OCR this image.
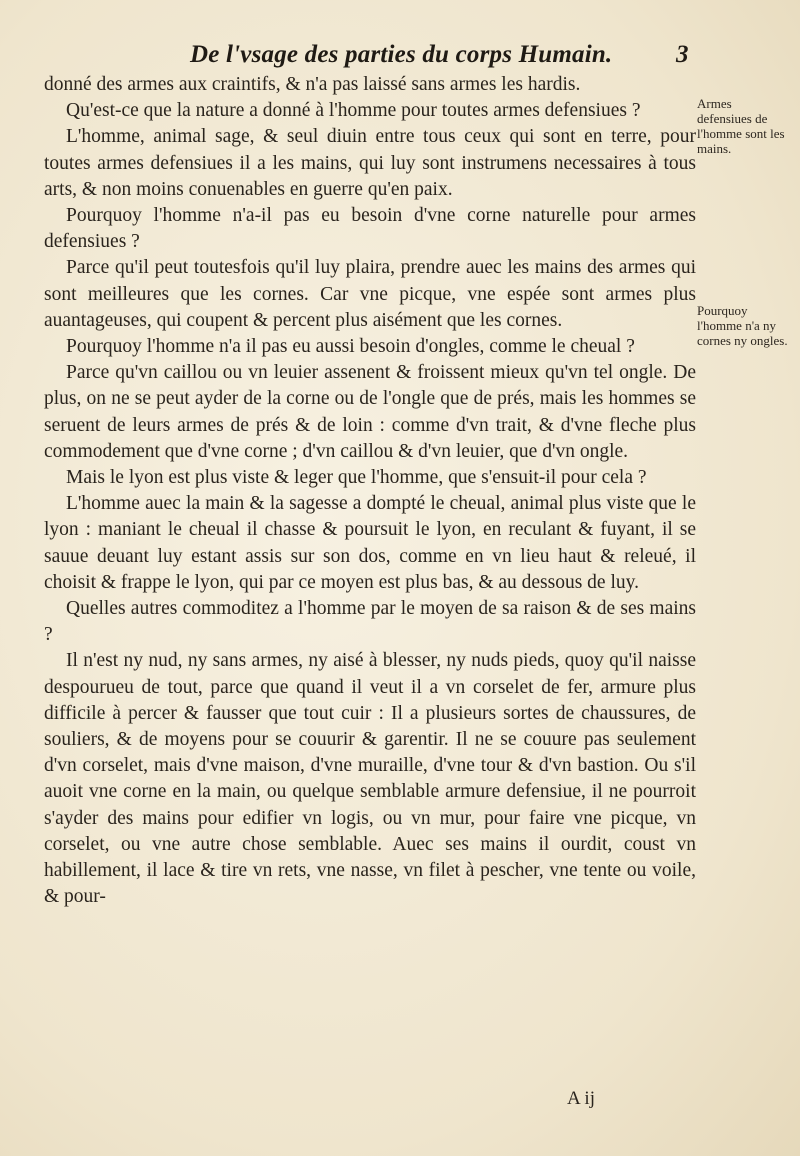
De l'vsage des parties du corps Humain.	3

donné des armes aux craintifs, & n'a pas laissé sans armes les hardis.

Qu'est-ce que la nature a donné à l'homme pour toutes armes defensiues ?

L'homme, animal sage, & seul diuin entre tous ceux qui sont en terre, pour toutes armes defensiues il a les mains, qui luy sont instrumens necessaires à tous arts, & non moins conuenables en guerre qu'en paix.

Pourquoy l'homme n'a-il pas eu besoin d'vne corne naturelle pour armes defensiues ?

Parce qu'il peut toutesfois qu'il luy plaira, prendre auec les mains des armes qui sont meilleures que les cornes. Car vne picque, vne espée sont armes plus auantageuses, qui coupent & percent plus aisément que les cornes.

Pourquoy l'homme n'a il pas eu aussi besoin d'ongles, comme le cheual ?

Parce qu'vn caillou ou vn leuier assenent & froissent mieux qu'vn tel ongle. De plus, on ne se peut ayder de la corne ou de l'ongle que de prés, mais les hommes se seruent de leurs armes de prés & de loin : comme d'vn trait, & d'vne fleche plus commodement que d'vne corne ; d'vn caillou & d'vn leuier, que d'vn ongle.

Mais le lyon est plus viste & leger que l'homme, que s'ensuit-il pour cela ?

L'homme auec la main & la sagesse a dompté le cheual, animal plus viste que le lyon : maniant le cheual il chasse & poursuit le lyon, en reculant & fuyant, il se sauue deuant luy estant assis sur son dos, comme en vn lieu haut & releué, il choisit & frappe le lyon, qui par ce moyen est plus bas, & au dessous de luy.

Quelles autres commoditez a l'homme par le moyen de sa raison & de ses mains ?

Il n'est ny nud, ny sans armes, ny aisé à blesser, ny nuds pieds, quoy qu'il naisse despourueu de tout, parce que quand il veut il a vn corselet de fer, armure plus difficile à percer & fausser que tout cuir : Il a plusieurs sortes de chaussures, de souliers, & de moyens pour se couurir & garentir. Il ne se couure pas seulement d'vn corselet, mais d'vne maison, d'vne muraille, d'vne tour & d'vn bastion. Ou s'il auoit vne corne en la main, ou quelque semblable armure defensiue, il ne pourroit s'ayder des mains pour edifier vn logis, ou vn mur, pour faire vne picque, vn corselet, ou vne autre chose semblable. Auec ses mains il ourdit, coust vn habillement, il lace & tire vn rets, vne nasse, vn filet à pescher, vne tente ou voile, & pour-

Armes defensiues de l'homme sont les mains.
Pourquoy l'homme n'a ny cornes ny ongles.
A ij
